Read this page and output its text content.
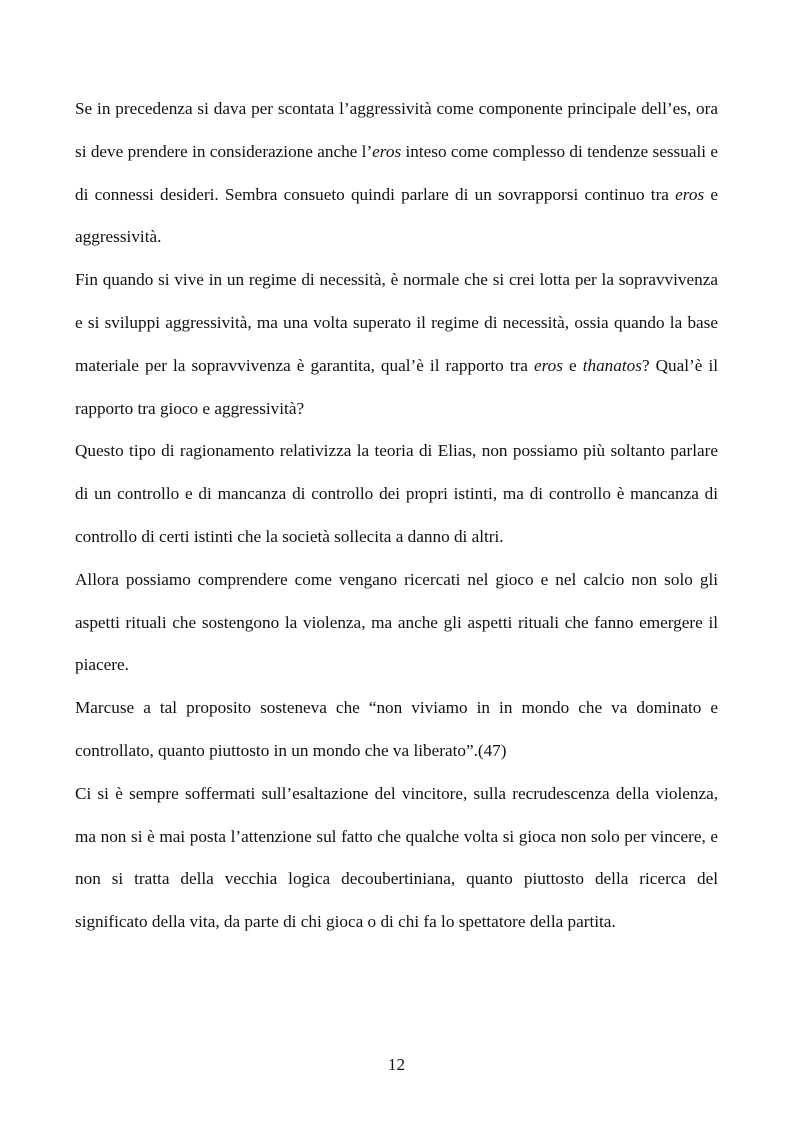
Se in precedenza si dava per scontata l’aggressività come componente principale dell’es, ora si deve prendere in considerazione anche l’eros inteso come complesso di tendenze sessuali e di connessi desideri. Sembra consueto quindi parlare di un sovrapporsi continuo tra eros e aggressività.

Fin quando si vive in un regime di necessità, è normale che si crei lotta per la sopravvivenza e si sviluppi aggressività, ma una volta superato il regime di necessità, ossia quando la base materiale per la sopravvivenza è garantita, qual’è il rapporto tra eros e thanatos? Qual’è il rapporto tra gioco e aggressività?

Questo tipo di ragionamento relativizza la teoria di Elias, non possiamo più soltanto parlare di un controllo e di mancanza di controllo dei propri istinti, ma di controllo è mancanza di controllo di certi istinti che la società sollecita a danno di altri.

Allora possiamo comprendere come vengano ricercati nel gioco e nel calcio non solo gli aspetti rituali che sostengono la violenza, ma anche gli aspetti rituali che fanno emergere il piacere.

Marcuse a tal proposito sosteneva che “non viviamo in in mondo che va dominato e controllato, quanto piuttosto in un mondo che va liberato”.(47)

Ci si è sempre soffermati sull’esaltazione del vincitore, sulla recrudescenza della violenza, ma non si è mai posta l’attenzione sul fatto che qualche volta si gioca non solo per vincere, e non si tratta della vecchia logica decoubertiniana, quanto piuttosto della ricerca del significato della vita, da parte di chi gioca o di chi fa lo spettatore della partita.

12
